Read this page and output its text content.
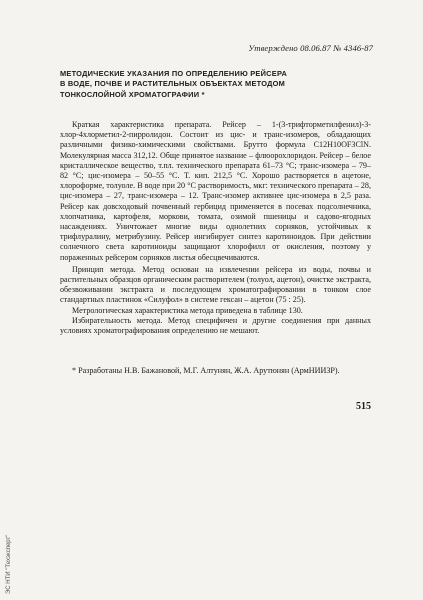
Утверждено 08.06.87 № 4346-87
МЕТОДИЧЕСКИЕ УКАЗАНИЯ ПО ОПРЕДЕЛЕНИЮ РЕЙСЕРА
В ВОДЕ, ПОЧВЕ И РАСТИТЕЛЬНЫХ ОБЪЕКТАХ МЕТОДОМ
ТОНКОСЛОЙНОЙ ХРОМАТОГРАФИИ *

Краткая характеристика препарата. Рейсер – 1-(3-трифторметилфенил)-3-хлор-4хлорметил-2-пирролидон. Состоит из цис- и транс-изомеров, обладающих различными физико-химическими свойствами. Брутто формула C12H10OF3ClN. Молекулярная масса 312,12. Обще принятое название – флюорохлоридон. Рейсер – белое кристаллическое вещество, т.пл. технического препарата 61–73 °C; транс-изомера – 79–82 °C; цис-изомера – 50–55 °C. Т. кип. 212,5 °C. Хорошо растворяется в ацетоне, хлороформе, толуоле. В воде при 20 °C растворимость, мкг: технического препарата – 28, цис-изомера – 27, транс-изомера – 12. Транс-изомер активнее цис-изомера в 2,5 раза. Рейсер как довсходовый почвенный гербицид применяется в посевах подсолнечника, хлопчатника, картофеля, моркови, томата, озимой пшеницы и садово-ягодных насаждениях. Уничтожает многие виды однолетних сорняков, устойчивых к трифлуралину, метрибузину. Рейсер ингибирует синтез каротиноидов. При действии солнечного света каротиноиды защищают хлорофилл от окисления, поэтому у пораженных рейсером сорняков листья обесцвечиваются.

Принцип метода. Метод основан на извлечении рейсера из воды, почвы и растительных образцов органическим растворителем (толуол, ацетон), очистке экстракта, обезвоживании экстракта и последующем хроматографировании в тонком слое стандартных пластинок «Силуфол» в системе гексан – ацетон (75 : 25).

Метрологическая характеристика метода приведена в таблице 130.

Избирательность метода. Метод специфичен и другие соединения при данных условиях хроматографирования определению не мешают.

* Разработаны Н.В. Бажановой, М.Г. Алтунян, Ж.А. Арутюнян (АрмНИИЗР).

515
ЭС НТИ "Техэксперт"
